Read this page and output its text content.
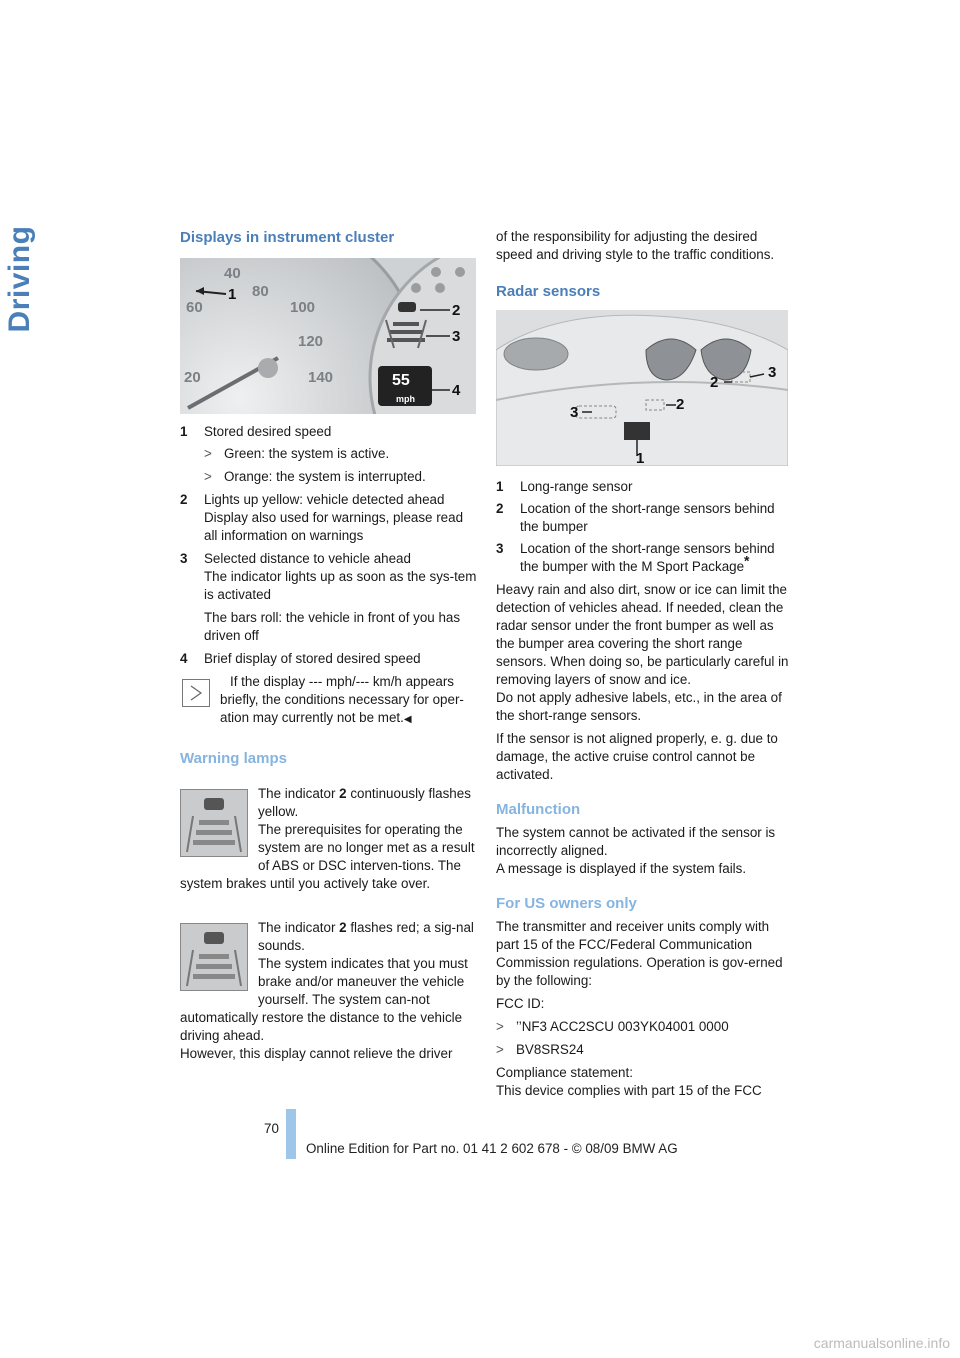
Driving	Displays in instrument cluster
80
100
120
140
60
20
40
1
2
3
4
55
mph
1	Stored desired speed
> Green: the system is active.
> Orange: the system is interrupted.
2	Lights up yellow: vehicle detected ahead
Display also used for warnings, please read all information on warnings
3	Selected distance to vehicle ahead
The indicator lights up as soon as the sys-tem is activated
The bars roll: the vehicle in front of you has driven off
4	Brief display of stored desired speed
If the display --- mph/--- km/h appears briefly, the conditions necessary for oper-ation may currently not be met.◀
Warning lamps

The indicator 2 continuously flashes yellow.
The prerequisites for operating the system are no longer met as a result of ABS or DSC interven-tions. The system brakes until you actively take over.

The indicator 2 flashes red; a sig-nal sounds.
The system indicates that you must brake and/or maneuver the vehicle yourself. The system can-not automatically restore the distance to the vehicle driving ahead.
However, this display cannot relieve the driver

of the responsibility for adjusting the desired speed and driving style to the traffic conditions.

Radar sensors
1
2
3
2
3
1	Long-range sensor
2	Location of the short-range sensors behind the bumper
3	Location of the short-range sensors behind the bumper with the M Sport Package*

Heavy rain and also dirt, snow or ice can limit the detection of vehicles ahead. If needed, clean the radar sensor under the front bumper as well as the bumper area covering the short range sensors. When doing so, be particularly careful in removing layers of snow and ice.

Do not apply adhesive labels, etc., in the area of the short-range sensors.

If the sensor is not aligned properly, e. g. due to damage, the active cruise control cannot be activated.

Malfunction

The system cannot be activated if the sensor is incorrectly aligned.

A message is displayed if the system fails.

For US owners only

The transmitter and receiver units comply with part 15 of the FCC/Federal Communication Commission regulations. Operation is gov-erned by the following:

FCC ID:

> ’’NF3 ACC2SCU 003YK04001 0000
> BV8SRS24

Compliance statement:

This device complies with part 15 of the FCC

70
Online Edition for Part no. 01 41 2 602 678 - © 08/09 BMW AG
carmanualsonline.info
